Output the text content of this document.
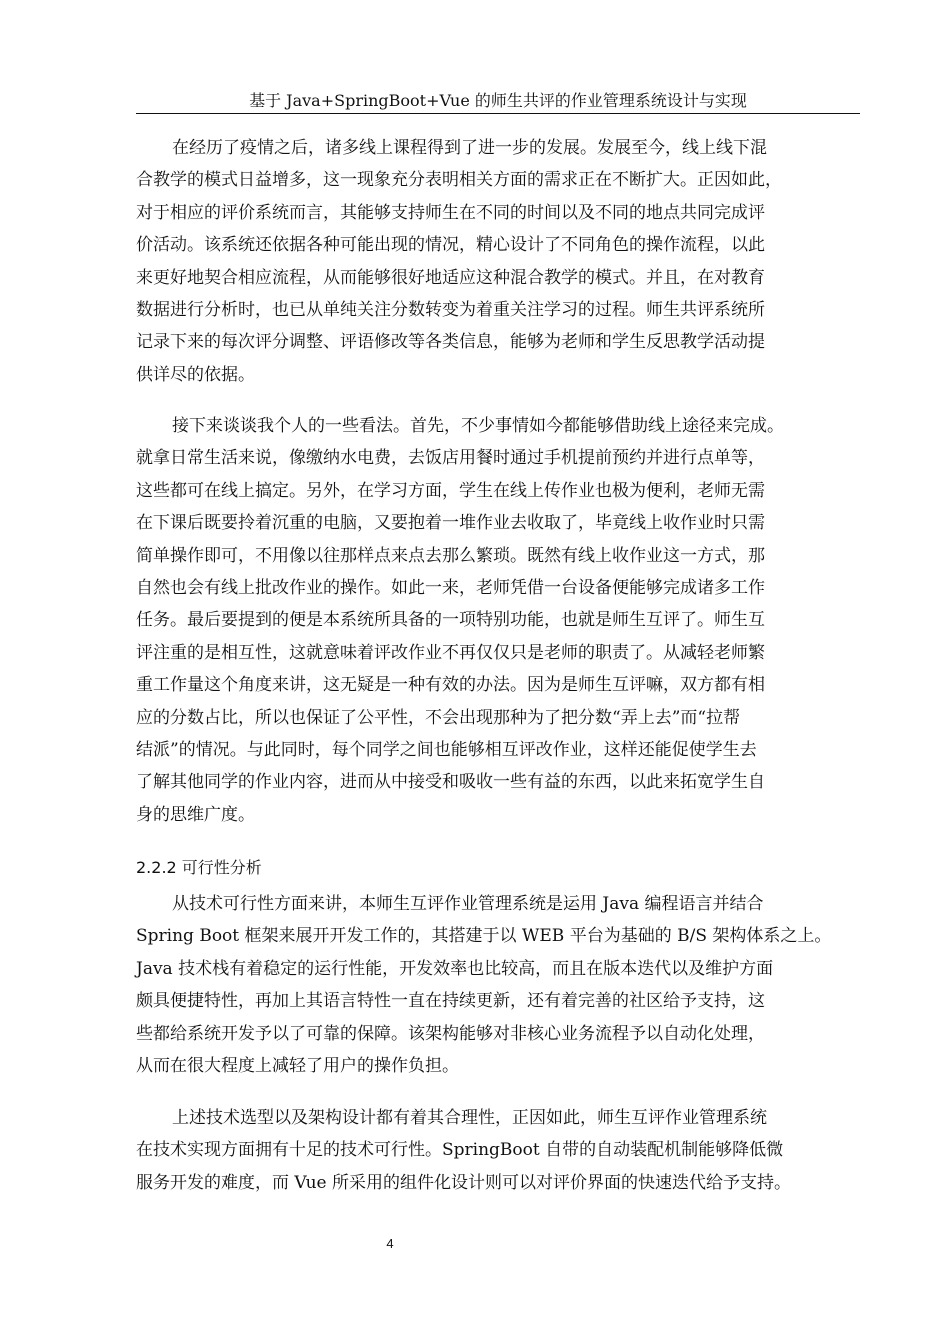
基于 Java+SpringBoot+Vue 的师生共评的作业管理系统设计与实现
在经历了疫情之后，诸多线上课程得到了进一步的发展。发展至今，线上线下混
合教学的模式日益增多，这一现象充分表明相关方面的需求正在不断扩大。正因如此，
对于相应的评价系统而言，其能够支持师生在不同的时间以及不同的地点共同完成评
价活动。该系统还依据各种可能出现的情况，精心设计了不同角色的操作流程，以此
来更好地契合相应流程，从而能够很好地适应这种混合教学的模式。并且，在对教育
数据进行分析时，也已从单纯关注分数转变为着重关注学习的过程。师生共评系统所
记录下来的每次评分调整、评语修改等各类信息，能够为老师和学生反思教学活动提
供详尽的依据。
接下来谈谈我个人的一些看法。首先，不少事情如今都能够借助线上途径来完成。
就拿日常生活来说，像缴纳水电费，去饭店用餐时通过手机提前预约并进行点单等，
这些都可在线上搞定。另外，在学习方面，学生在线上传作业也极为便利，老师无需
在下课后既要拎着沉重的电脑，又要抱着一堆作业去收取了，毕竟线上收作业时只需
简单操作即可，不用像以往那样点来点去那么繁琐。既然有线上收作业这一方式，那
自然也会有线上批改作业的操作。如此一来，老师凭借一台设备便能够完成诸多工作
任务。最后要提到的便是本系统所具备的一项特别功能，也就是师生互评了。师生互
评注重的是相互性，这就意味着评改作业不再仅仅只是老师的职责了。从减轻老师繁
重工作量这个角度来讲，这无疑是一种有效的办法。因为是师生互评嘛，双方都有相
应的分数占比，所以也保证了公平性，不会出现那种为了把分数“弄上去”而“拉帮
结派”的情况。与此同时，每个同学之间也能够相互评改作业，这样还能促使学生去
了解其他同学的作业内容，进而从中接受和吸收一些有益的东西，以此来拓宽学生自
身的思维广度。
2.2.2 可行性分析
从技术可行性方面来讲，本师生互评作业管理系统是运用 Java 编程语言并结合
Spring Boot 框架来展开开发工作的，其搭建于以 WEB 平台为基础的 B/S 架构体系之上。
Java 技术栈有着稳定的运行性能，开发效率也比较高，而且在版本迭代以及维护方面
颇具便捷特性，再加上其语言特性一直在持续更新，还有着完善的社区给予支持，这
些都给系统开发予以了可靠的保障。该架构能够对非核心业务流程予以自动化处理，
从而在很大程度上减轻了用户的操作负担。
上述技术选型以及架构设计都有着其合理性，正因如此，师生互评作业管理系统
在技术实现方面拥有十足的技术可行性。SpringBoot 自带的自动装配机制能够降低微
服务开发的难度，而 Vue 所采用的组件化设计则可以对评价界面的快速迭代给予支持。
4
